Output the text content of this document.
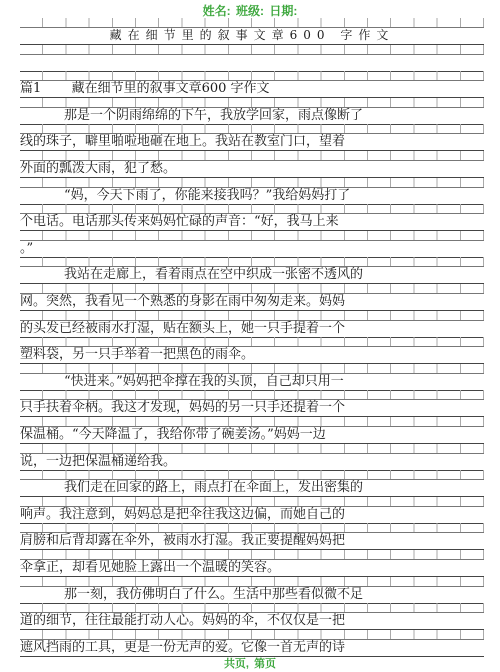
姓名: 班级: 日期:
藏在细节里的叙事文章600 字作文
篇1 藏在细节里的叙事文章600 字作文
那是一个阴雨绵绵的下午，我放学回家，雨点像断了
线的珠子，噼里啪啦地砸在地上。我站在教室门口，望着
外面的瓢泼大雨，犯了愁。
“妈，今天下雨了，你能来接我吗？”我给妈妈打了
个电话。电话那头传来妈妈忙碌的声音：“好，我马上来
。”
我站在走廊上，看着雨点在空中织成一张密不透风的
网。突然，我看见一个熟悉的身影在雨中匆匆走来。妈妈
的头发已经被雨水打湿，贴在额头上，她一只手提着一个
塑料袋，另一只手举着一把黑色的雨伞。
“快进来。”妈妈把伞撑在我的头顶，自己却只用一
只手扶着伞柄。我这才发现，妈妈的另一只手还提着一个
保温桶。“今天降温了，我给你带了碗姜汤。”妈妈一边
说，一边把保温桶递给我。
我们走在回家的路上，雨点打在伞面上，发出密集的
响声。我注意到，妈妈总是把伞往我这边偏，而她自己的
肩膀和后背却露在伞外，被雨水打湿。我正要提醒妈妈把
伞拿正，却看见她脸上露出一个温暖的笑容。
那一刻，我仿佛明白了什么。生活中那些看似微不足
道的细节，往往最能打动人心。妈妈的伞，不仅仅是一把
遮风挡雨的工具，更是一份无声的爱。它像一首无声的诗
共页, 第页
